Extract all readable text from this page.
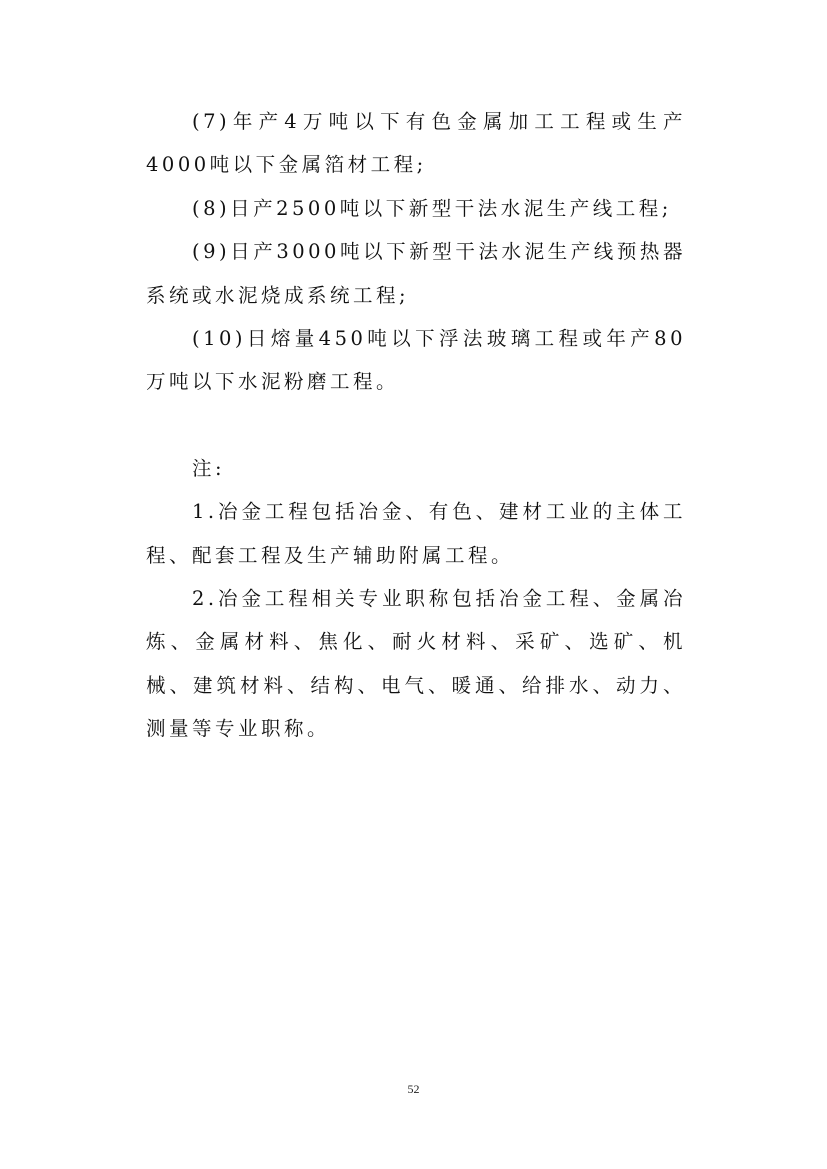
(7)年产4万吨以下有色金属加工工程或生产4000吨以下金属箔材工程;

(8)日产2500吨以下新型干法水泥生产线工程;

(9)日产3000吨以下新型干法水泥生产线预热器系统或水泥烧成系统工程;

(10)日熔量450吨以下浮法玻璃工程或年产80万吨以下水泥粉磨工程。

注:

1.冶金工程包括冶金、有色、建材工业的主体工程、配套工程及生产辅助附属工程。

2.冶金工程相关专业职称包括冶金工程、金属冶炼、金属材料、焦化、耐火材料、采矿、选矿、机械、建筑材料、结构、电气、暖通、给排水、动力、测量等专业职称。

52
